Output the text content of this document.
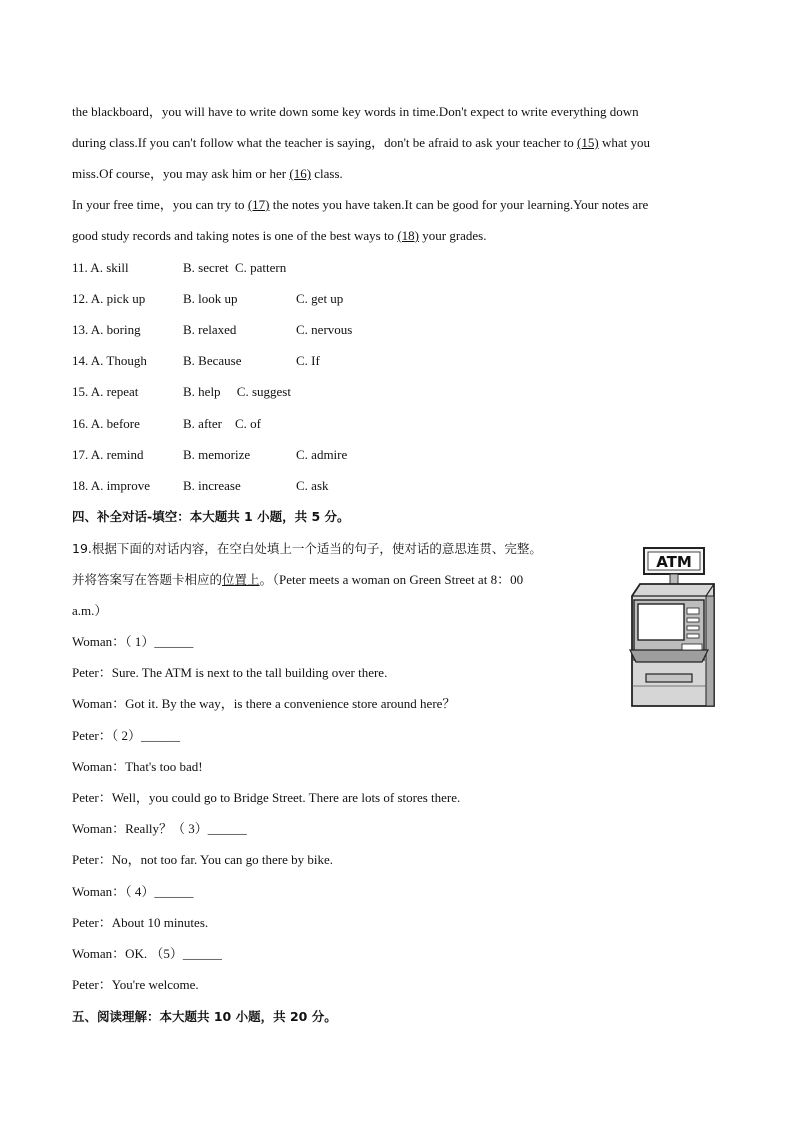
the blackboard，you will have to write down some key words in time.Don't expect to write everything down
during class.If you can't follow what the teacher is saying，don't be afraid to ask your teacher to (15) what you
miss.Of course，you may ask him or her (16) class.
In your free time，you can try to (17) the notes you have taken.It can be good for your learning.Your notes are
good study records and taking notes is one of the best ways to (18) your grades.
11. A. skill	B. secret  C. pattern
12. A. pick up	B. look up	C. get up
13. A. boring	B. relaxed	C. nervous
14. A. Though	B. Because	C. If
15. A. repeat	B. help     C. suggest
16. A. before	B. after    C. of
17. A. remind	B. memorize	C. admire
18. A. improve	B. increase	C. ask
四、补全对话-填空：本大题共 1 小题，共 5 分。
19.根据下面的对话内容，在空白处填上一个适当的句子，使对话的意思连贯、完整。
并将答案写在答题卡相应的位置上。（Peter meets a woman on Green Street at 8：00
a.m.）
Woman：（ 1）______
Peter：Sure. The ATM is next to the tall building over there.
Woman：Got it. By the way，is there a convenience store around here？
Peter：（ 2）______
Woman：That's too bad!
Peter：Well，you could go to Bridge Street. There are lots of stores there.
Woman：Really？（ 3）______
Peter：No，not too far. You can go there by bike.
Woman：（ 4）______
Peter：About 10 minutes.
Woman：OK. （5）______
Peter：You're welcome.
五、阅读理解：本大题共 10 小题，共 20 分。
ATM
